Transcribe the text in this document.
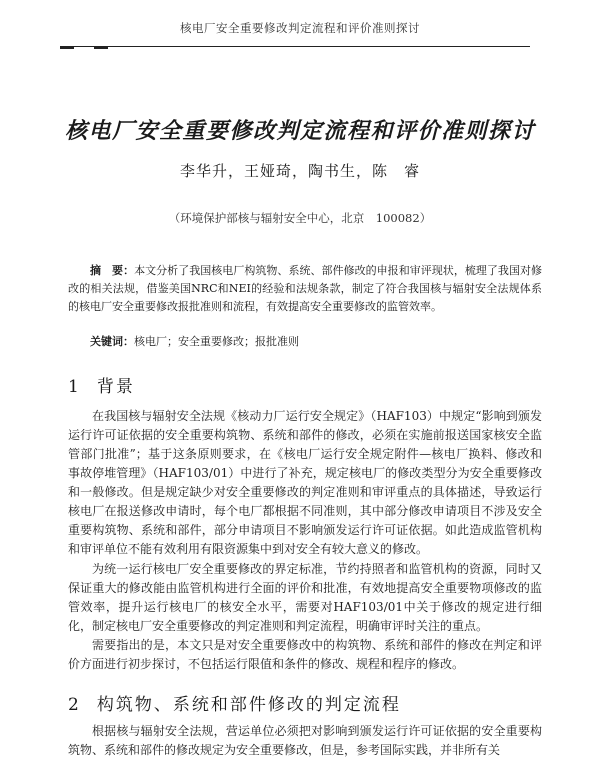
核电厂安全重要修改判定流程和评价准则探讨
核电厂安全重要修改判定流程和评价准则探讨
李华升，王娅琦，陶书生，陈　睿
（环境保护部核与辐射安全中心，北京　100082）
摘　要：本文分析了我国核电厂构筑物、系统、部件修改的申报和审评现状，梳理了我国对修改的相关法规，借鉴美国NRC和NEI的经验和法规条款，制定了符合我国核与辐射安全法规体系的核电厂安全重要修改报批准则和流程，有效提高安全重要修改的监管效率。
关键词：核电厂；安全重要修改；报批准则
1 背景
在我国核与辐射安全法规《核动力厂运行安全规定》（HAF103）中规定“影响到颁发运行许可证依据的安全重要构筑物、系统和部件的修改，必须在实施前报送国家核安全监管部门批准”；基于这条原则要求，在《核电厂运行安全规定附件—核电厂换料、修改和事故停堆管理》（HAF103/01）中进行了补充，规定核电厂的修改类型分为安全重要修改和一般修改。但是规定缺少对安全重要修改的判定准则和审评重点的具体描述，导致运行核电厂在报送修改申请时，每个电厂都根据不同准则，其中部分修改申请项目不涉及安全重要构筑物、系统和部件，部分申请项目不影响颁发运行许可证依据。如此造成监管机构和审评单位不能有效利用有限资源集中到对安全有较大意义的修改。
为统一运行核电厂安全重要修改的界定标准，节约持照者和监管机构的资源，同时又保证重大的修改能由监管机构进行全面的评价和批准，有效地提高安全重要物项修改的监管效率，提升运行核电厂的核安全水平，需要对HAF103/01中关于修改的规定进行细化，制定核电厂安全重要修改的判定准则和判定流程，明确审评时关注的重点。
需要指出的是，本文只是对安全重要修改中的构筑物、系统和部件的修改在判定和评价方面进行初步探讨，不包括运行限值和条件的修改、规程和程序的修改。
2 构筑物、系统和部件修改的判定流程
根据核与辐射安全法规，营运单位必须把对影响到颁发运行许可证依据的安全重要构筑物、系统和部件的修改规定为安全重要修改，但是，参考国际实践，并非所有关
